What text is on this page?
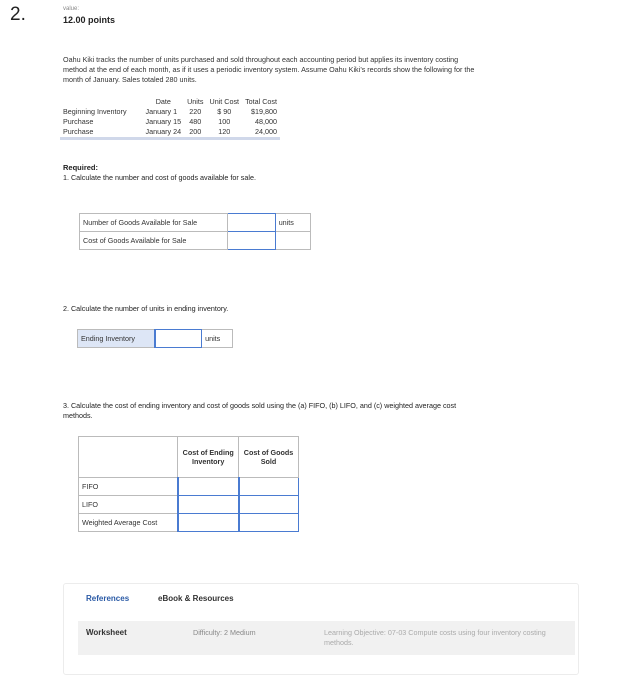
2.	value:
12.00 points
Oahu Kiki tracks the number of units purchased and sold throughout each accounting period but applies its inventory costing method at the end of each month, as if it uses a periodic inventory system. Assume Oahu Kiki’s records show the following for the month of January. Sales totaled 280 units.
	Date	Units	Unit Cost	Total Cost
Beginning Inventory	January 1	220	$ 90	$19,800
Purchase	January 15	480	100	48,000
Purchase	January 24	200	120	24,000
Required:
1. Calculate the number and cost of goods available for sale.
Number of Goods Available for Sale		units
Cost of Goods Available for Sale		
2. Calculate the number of units in ending inventory.
Ending Inventory		units
3. Calculate the cost of ending inventory and cost of goods sold using the (a) FIFO, (b) LIFO, and (c) weighted average cost methods.
	Cost of Ending Inventory	Cost of Goods Sold
FIFO		
LIFO		
Weighted Average Cost		
References	eBook & Resources
Worksheet	Difficulty: 2 Medium	Learning Objective: 07-03 Compute costs using four inventory costing methods.
